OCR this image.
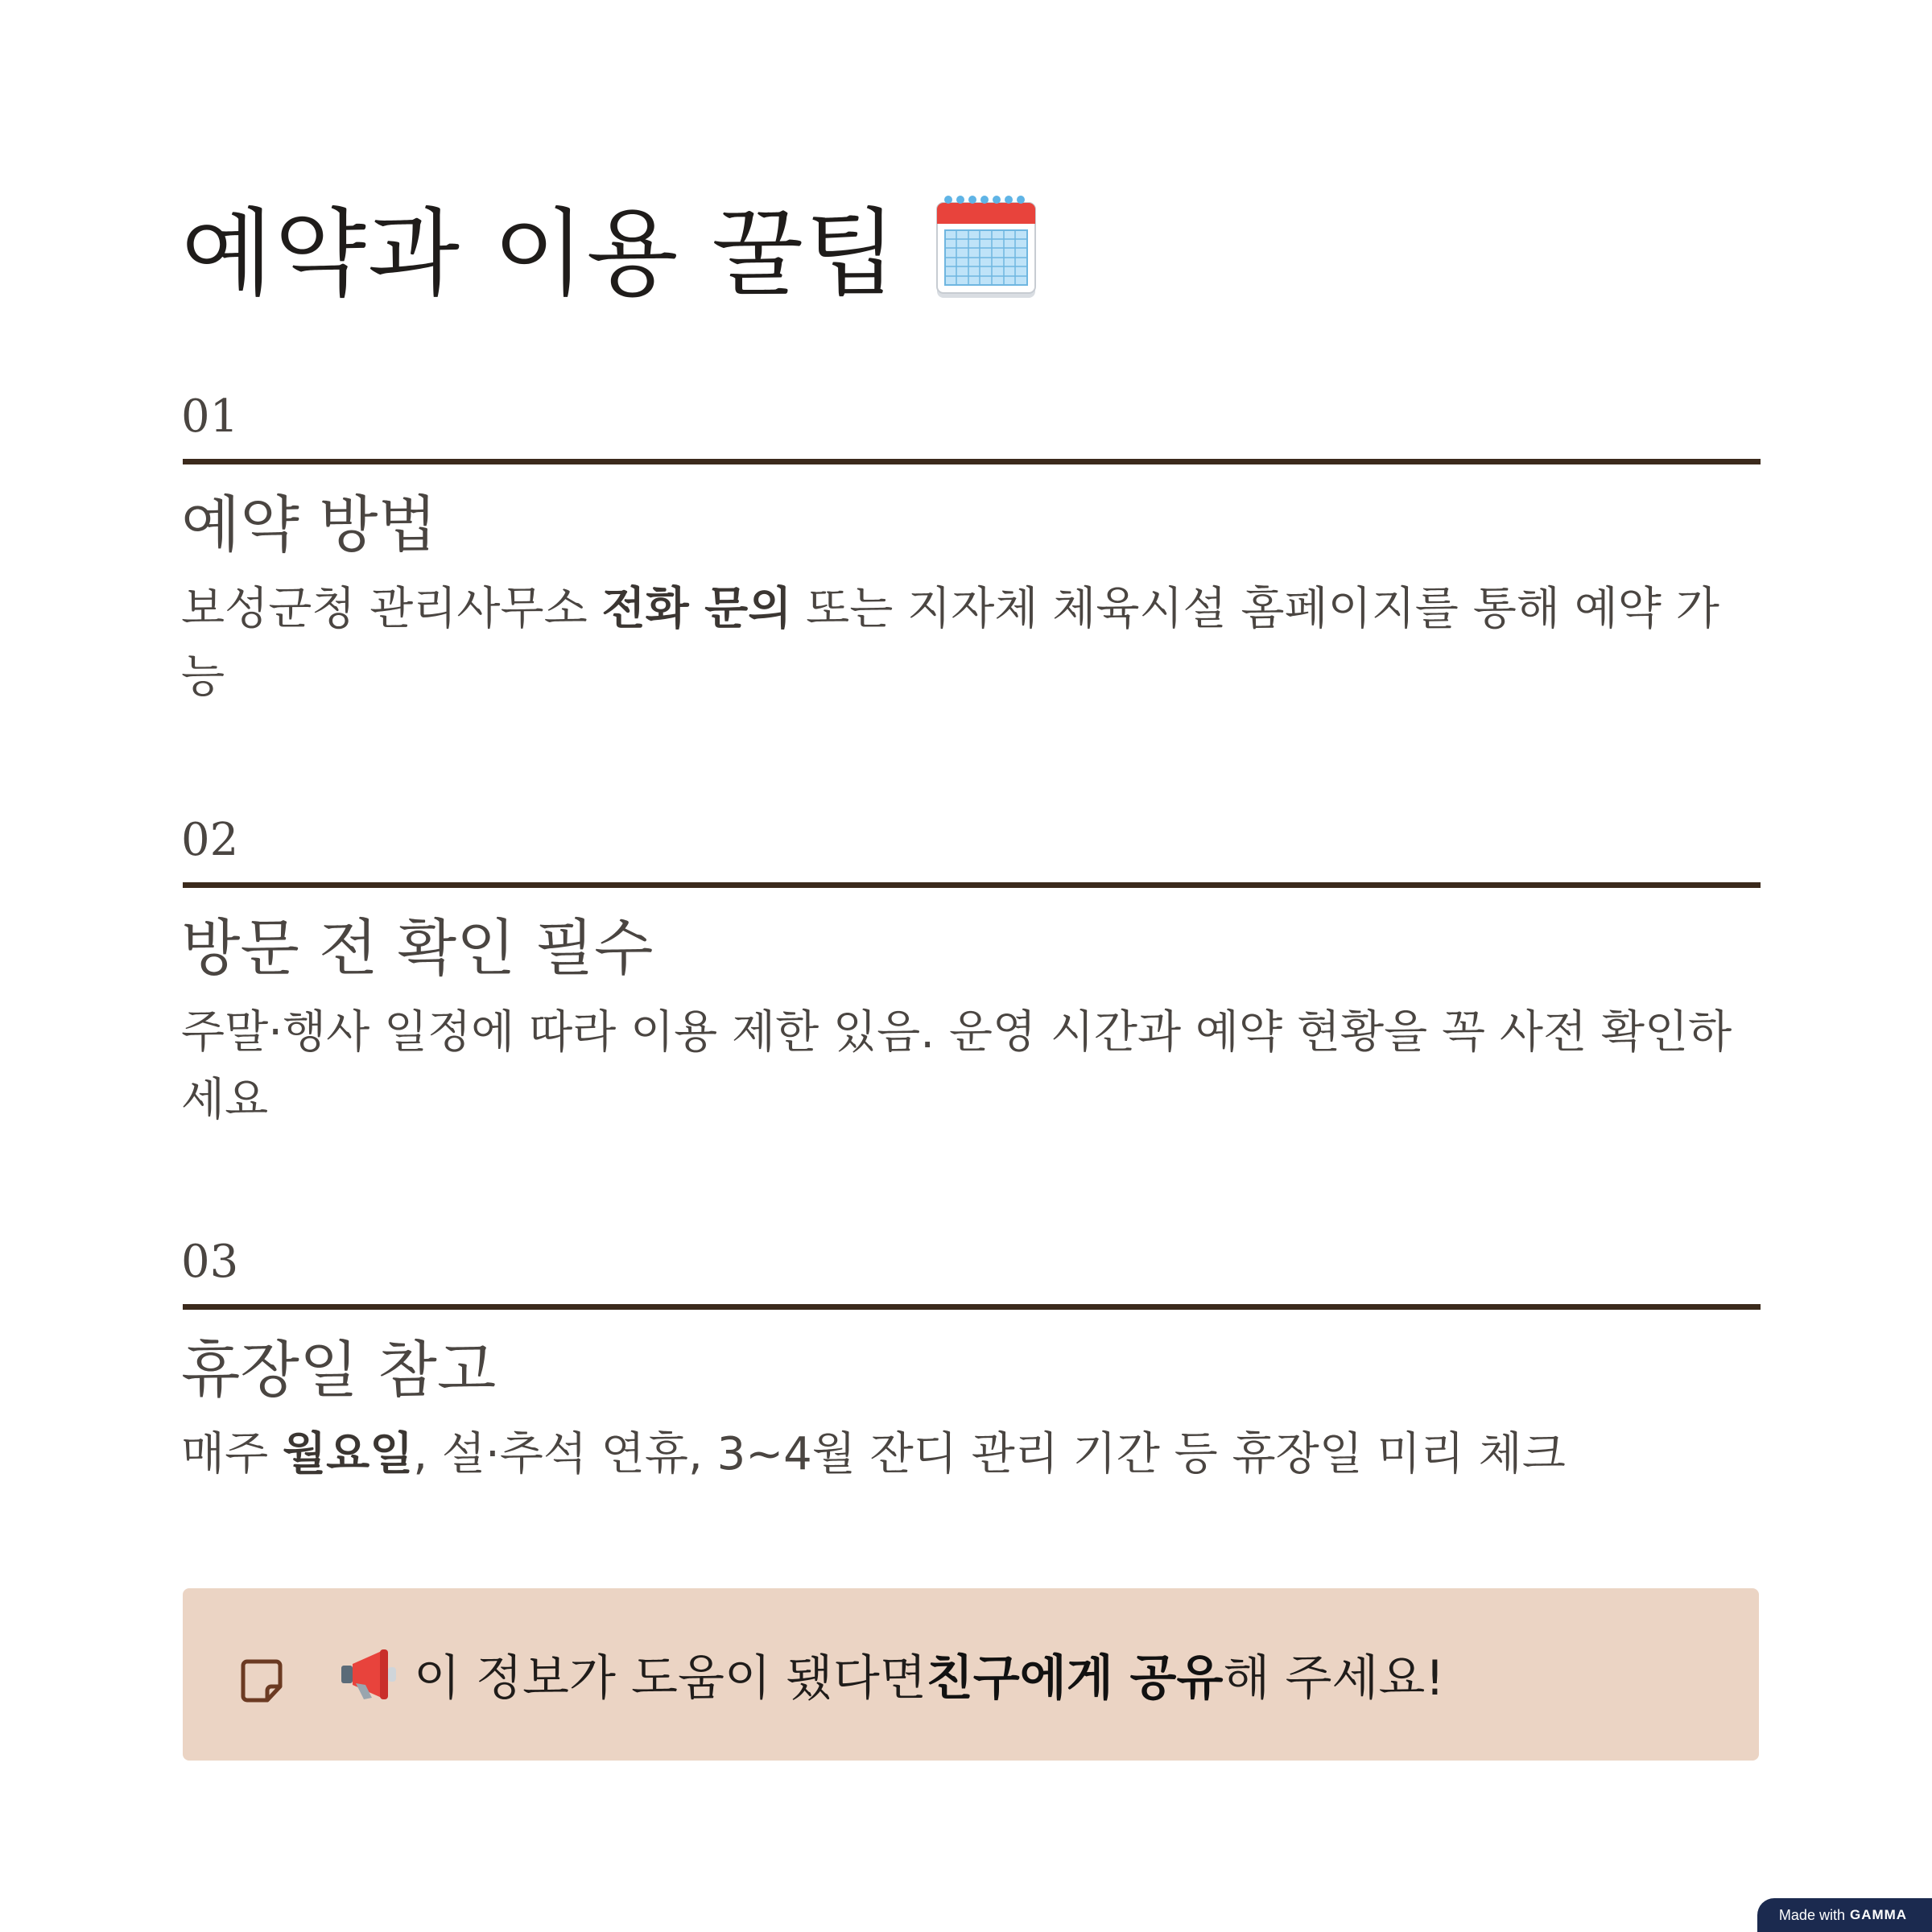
예약과 이용 꿀팁
01
예약 방법
보성군청 관리사무소 전화 문의 또는 지자체 체육시설 홈페이지를 통해 예약 가능
02
방문 전 확인 필수
주말·행사 일정에 따라 이용 제한 있음. 운영 시간과 예약 현황을 꼭 사전 확인하세요
03
휴장일 참고
매주 월요일, 설·추석 연휴, 3~4월 잔디 관리 기간 등 휴장일 미리 체크
이 정보가 도움이 됐다면 친구에게 공유 해 주세요!
Made with GAMMA
